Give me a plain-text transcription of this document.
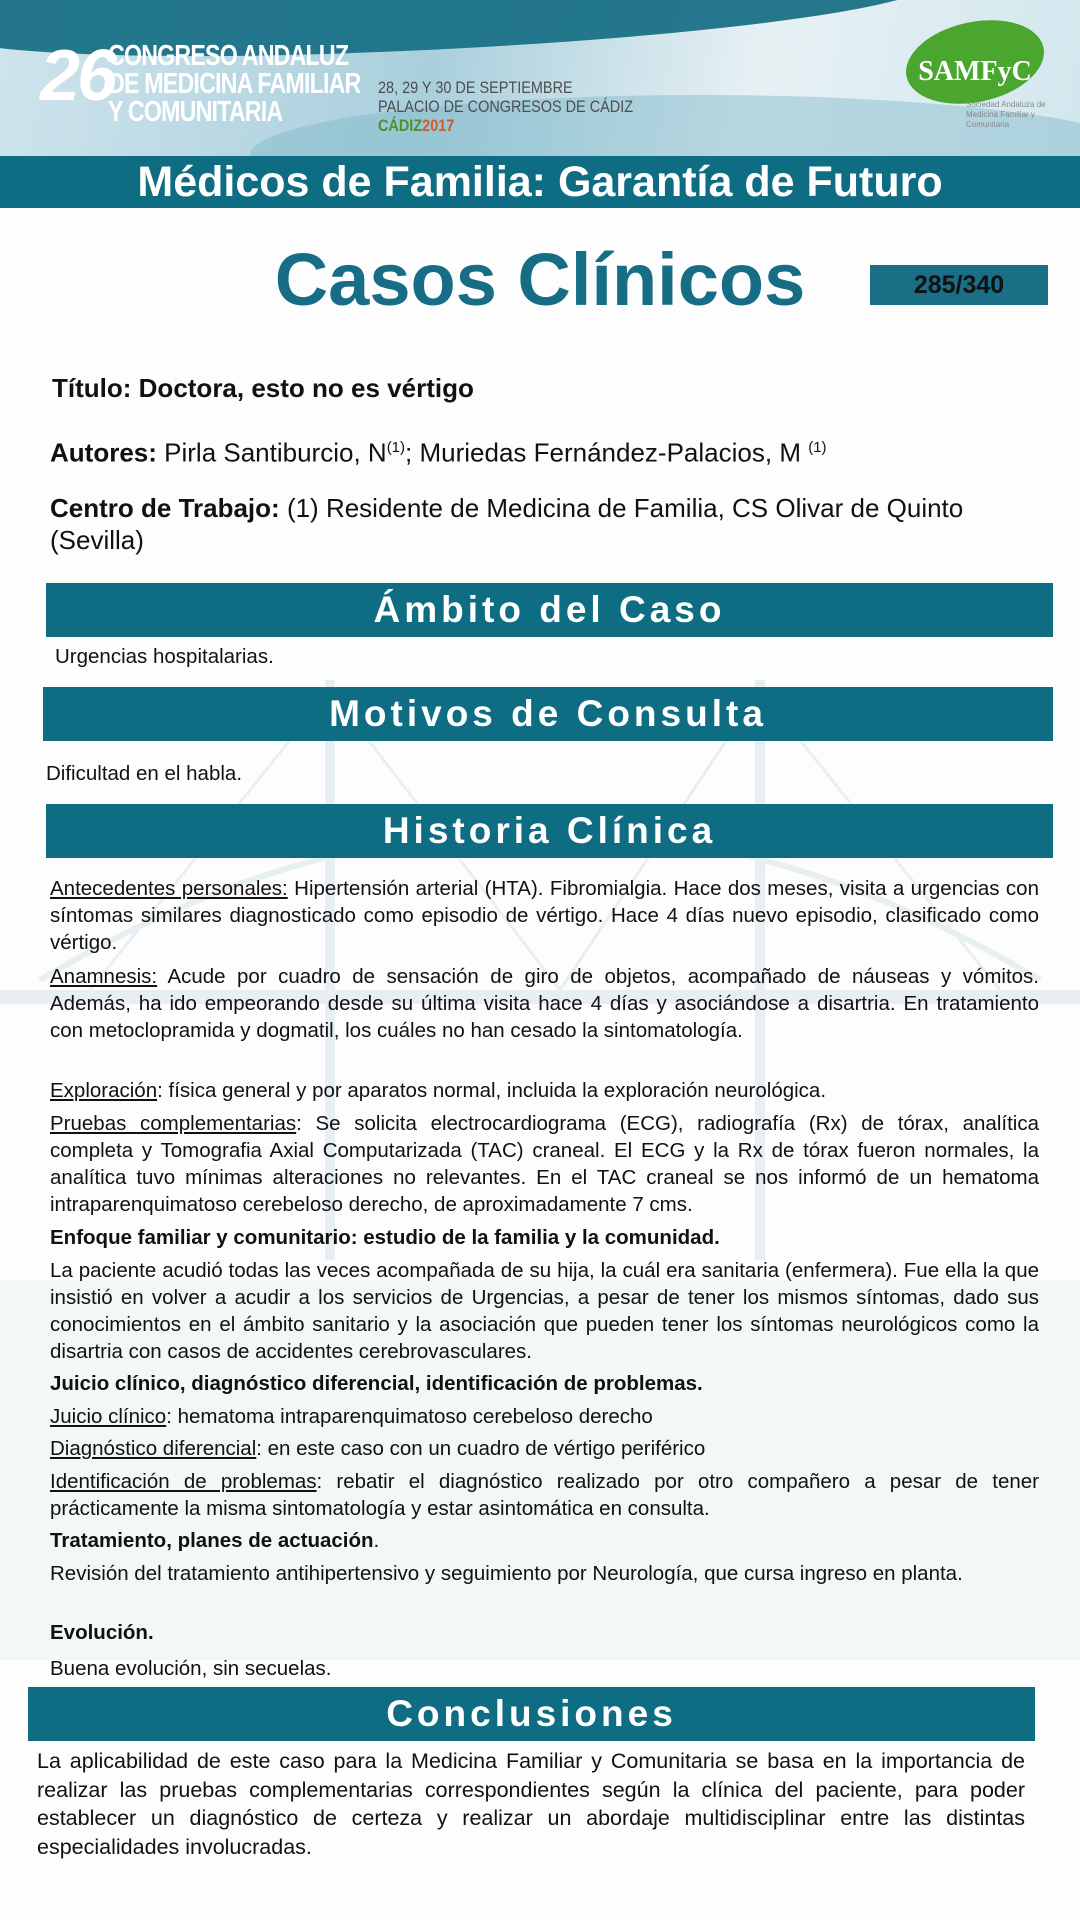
26
CONGRESO ANDALUZ
DE MEDICINA FAMILIAR
Y COMUNITARIA
28, 29 Y 30 DE SEPTIEMBRE
PALACIO DE CONGRESOS DE CÁDIZ
CÁDIZ2017
SAMFyC
Sociedad Andaluza de Medicina Familiar y Comunitaria
Médicos de Familia: Garantía de Futuro
Casos Clínicos	285/340
Título: Doctora, esto no es vértigo
Autores: Pirla Santiburcio, $N^{(1)}$; Muriedas Fernández-Palacios, M $^{(1)}$
Centro de Trabajo: (1) Residente de Medicina de Familia, CS Olivar de Quinto (Sevilla)
Ámbito del Caso
Urgencias hospitalarias.
Motivos de Consulta
Dificultad en el habla.
Historia Clínica
Antecedentes personales: Hipertensión arterial (HTA). Fibromialgia. Hace dos meses, visita a urgencias con síntomas similares diagnosticado como episodio de vértigo. Hace 4 días nuevo episodio, clasificado como vértigo.
Anamnesis: Acude por cuadro de sensación de giro de objetos, acompañado de náuseas y vómitos. Además, ha ido empeorando desde su última visita hace 4 días y asociándose a disartria. En tratamiento con metoclopramida y dogmatil, los cuáles no han cesado la sintomatología.
Exploración: física general y por aparatos normal, incluida la exploración neurológica.
Pruebas complementarias: Se solicita electrocardiograma (ECG), radiografía (Rx) de tórax, analítica completa y Tomografia Axial Computarizada (TAC) craneal. El ECG y la Rx de tórax fueron normales, la analítica tuvo mínimas alteraciones no relevantes. En el TAC craneal se nos informó de un hematoma intraparenquimatoso cerebeloso derecho, de aproximadamente 7 cms.
Enfoque familiar y comunitario: estudio de la familia y la comunidad.
La paciente acudió todas las veces acompañada de su hija, la cuál era sanitaria (enfermera). Fue ella la que insistió en volver a acudir a los servicios de Urgencias, a pesar de tener los mismos síntomas, dado sus conocimientos en el ámbito sanitario y la asociación que pueden tener los síntomas neurológicos como la disartria con casos de accidentes cerebrovasculares.
Juicio clínico, diagnóstico diferencial, identificación de problemas.
Juicio clínico: hematoma intraparenquimatoso cerebeloso derecho
Diagnóstico diferencial: en este caso con un cuadro de vértigo periférico
Identificación de problemas: rebatir el diagnóstico realizado por otro compañero a pesar de tener prácticamente la misma sintomatología y estar asintomática en consulta.
Tratamiento, planes de actuación.
Revisión del tratamiento antihipertensivo y seguimiento por Neurología, que cursa ingreso en planta.
Evolución.
Buena evolución, sin secuelas.
Conclusiones
La aplicabilidad de este caso para la Medicina Familiar y Comunitaria se basa en la importancia de realizar las pruebas complementarias correspondientes según la clínica del paciente, para poder establecer un diagnóstico de certeza y realizar un abordaje multidisciplinar entre las distintas especialidades involucradas.
